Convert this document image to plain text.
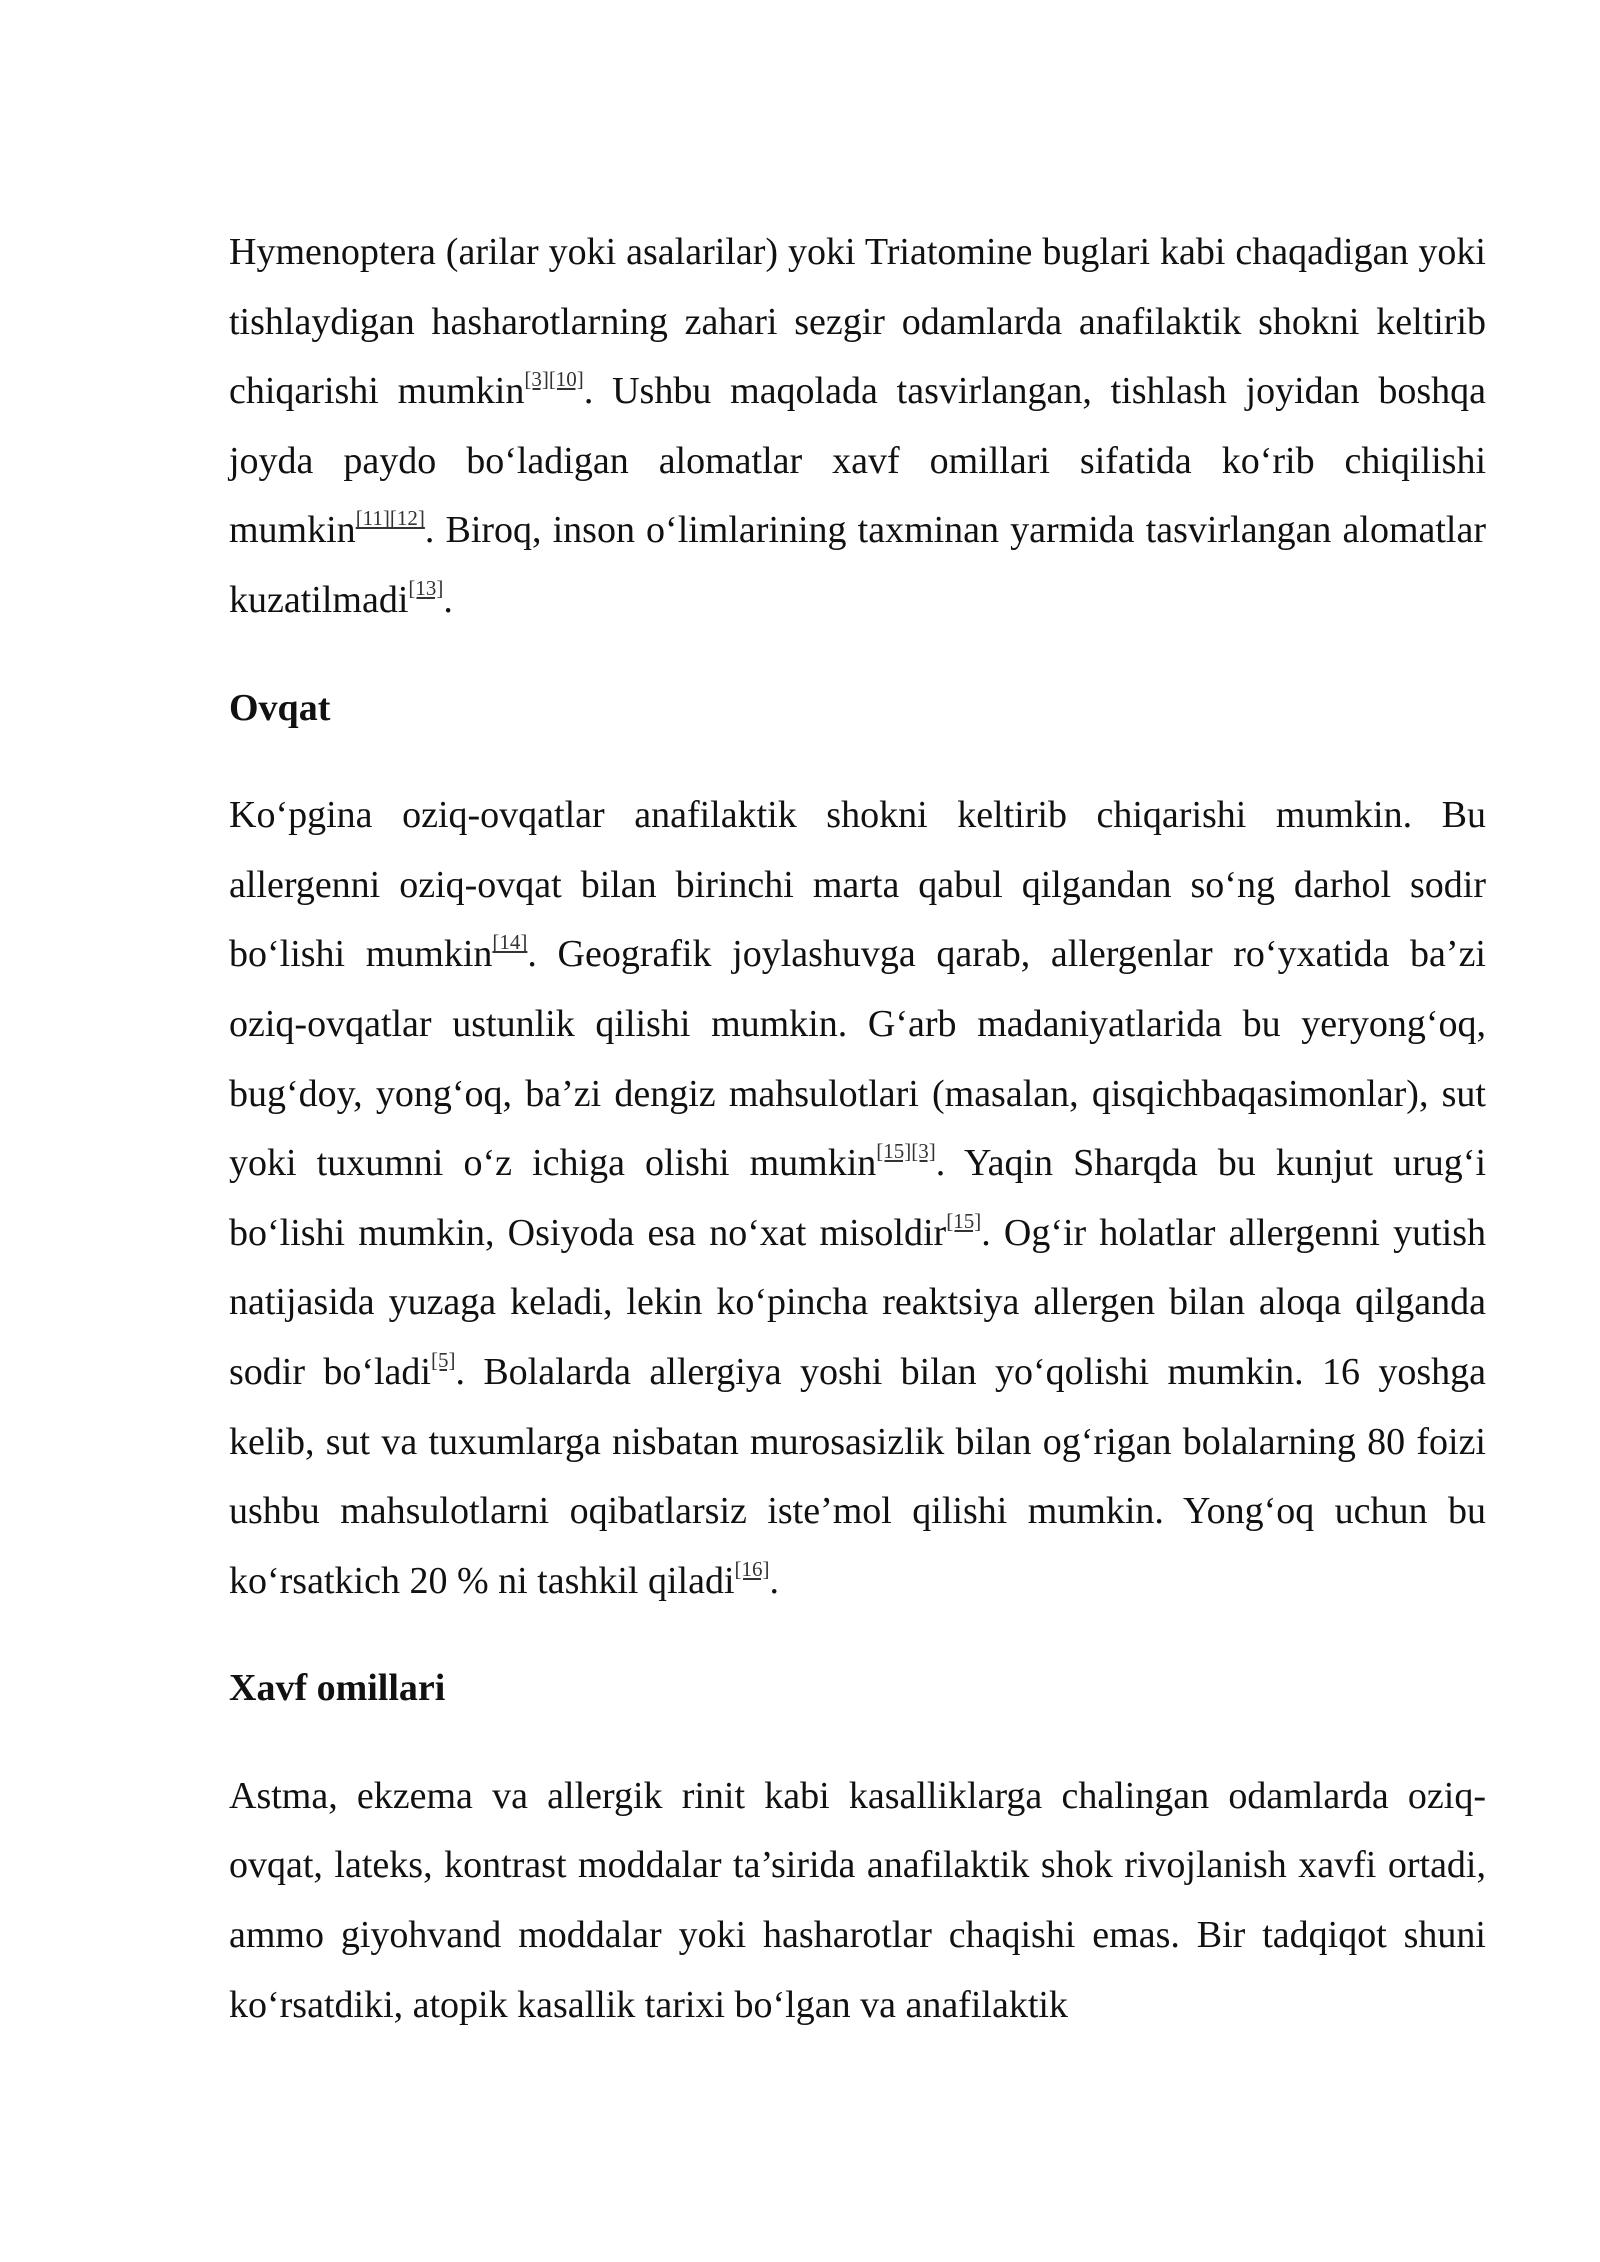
Hymenoptera (arilar yoki asalarilar) yoki Triatomine buglari kabi chaqadigan yoki tishlaydigan hasharotlarning zahari sezgir odamlarda anafilaktik shokni keltirib chiqarishi mumkin[3][10]. Ushbu maqolada tasvirlangan, tishlash joyidan boshqa joyda paydo bo‘ladigan alomatlar xavf omillari sifatida ko‘rib chiqilishi mumkin[11][12]. Biroq, inson o‘limlarining taxminan yarmida tasvirlangan alomatlar kuzatilmadi[13].

Ovqat

Ko‘pgina oziq-ovqatlar anafilaktik shokni keltirib chiqarishi mumkin. Bu allergenni oziq-ovqat bilan birinchi marta qabul qilgandan so‘ng darhol sodir bo‘lishi mumkin[14]. Geografik joylashuvga qarab, allergenlar ro‘yxatida ba’zi oziq-ovqatlar ustunlik qilishi mumkin. G‘arb madaniyatlarida bu yeryong‘oq, bug‘doy, yong‘oq, ba’zi dengiz mahsulotlari (masalan, qisqichbaqasimonlar), sut yoki tuxumni o‘z ichiga olishi mumkin[15][3]. Yaqin Sharqda bu kunjut urug‘i bo‘lishi mumkin, Osiyoda esa no‘xat misoldir[15]. Og‘ir holatlar allergenni yutish natijasida yuzaga keladi, lekin ko‘pincha reaktsiya allergen bilan aloqa qilganda sodir bo‘ladi[5]. Bolalarda allergiya yoshi bilan yo‘qolishi mumkin. 16 yoshga kelib, sut va tuxumlarga nisbatan murosasizlik bilan og‘rigan bolalarning 80 foizi ushbu mahsulotlarni oqibatlarsiz iste’mol qilishi mumkin. Yong‘oq uchun bu ko‘rsatkich 20 % ni tashkil qiladi[16].

Xavf omillari

Astma, ekzema va allergik rinit kabi kasalliklarga chalingan odamlarda oziq-ovqat, lateks, kontrast moddalar ta’sirida anafilaktik shok rivojlanish xavfi ortadi, ammo giyohvand moddalar yoki hasharotlar chaqishi emas. Bir tadqiqot shuni ko‘rsatdiki, atopik kasallik tarixi bo‘lgan va anafilaktik
